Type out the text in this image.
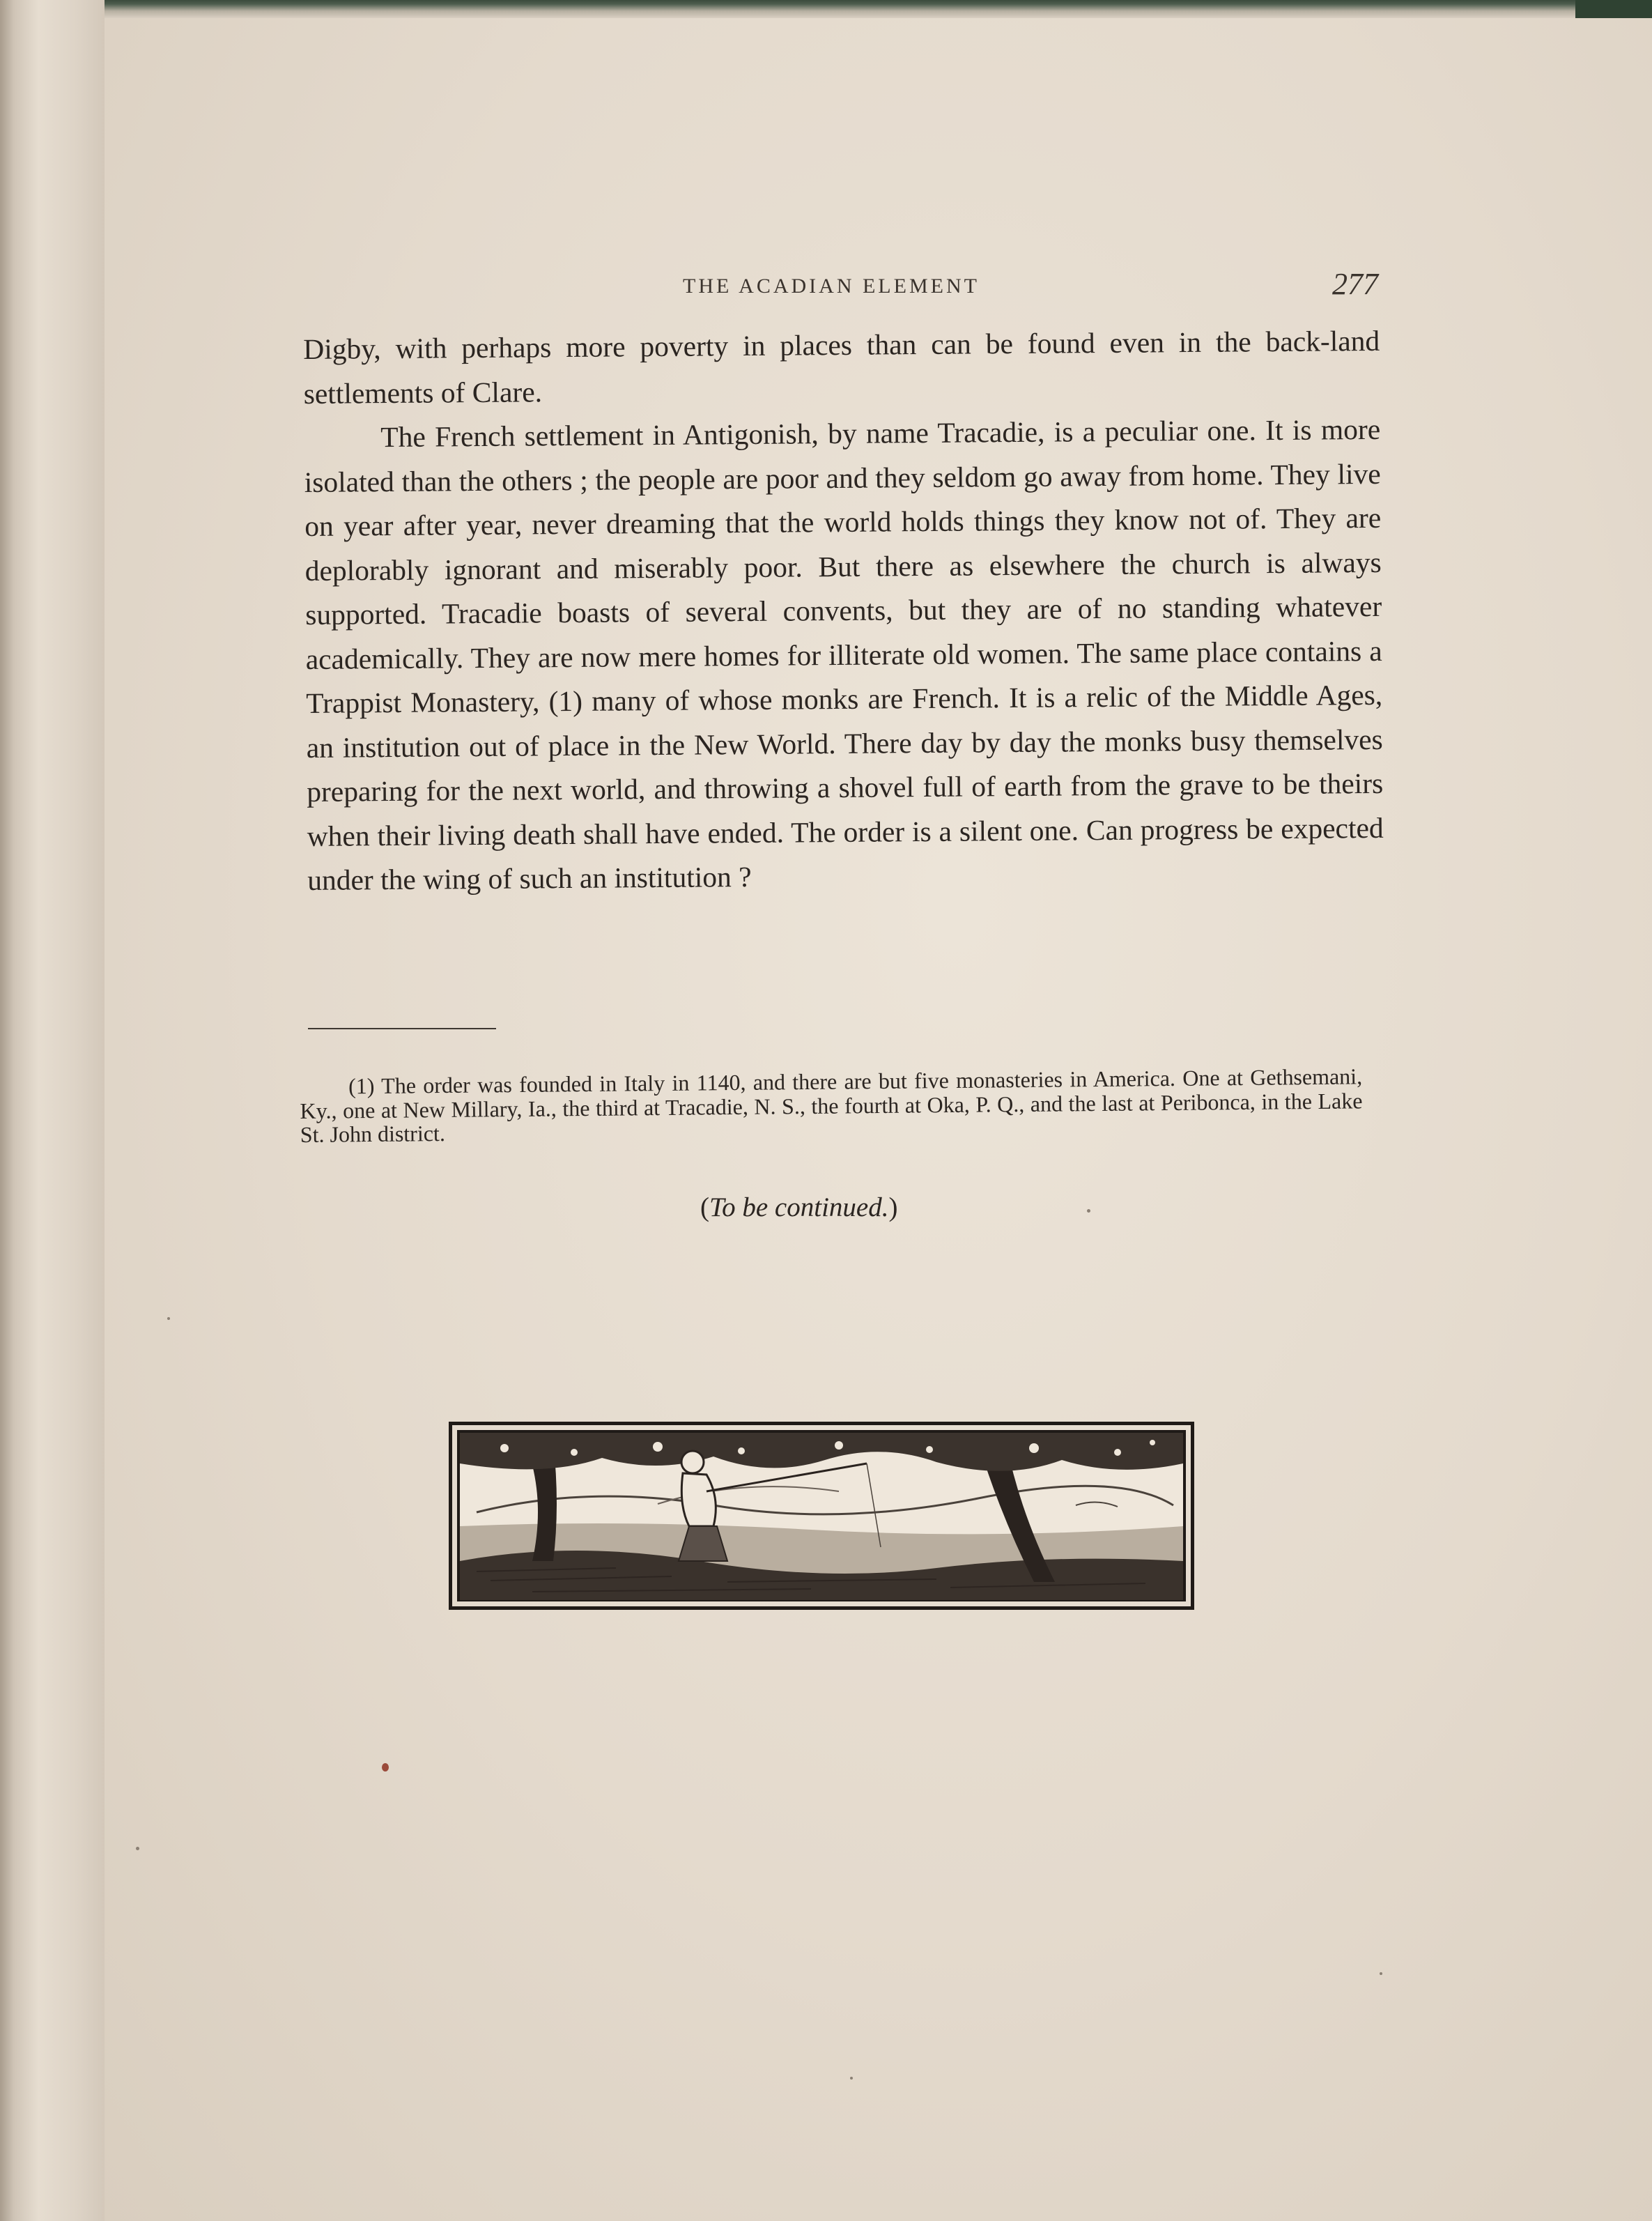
THE ACADIAN ELEMENT	277

Digby, with perhaps more poverty in places than can be found even in the back-land settlements of Clare.

The French settlement in Antigonish, by name Tracadie, is a peculiar one. It is more isolated than the others ; the people are poor and they seldom go away from home. They live on year after year, never dreaming that the world holds things they know not of. They are deplorably ignorant and miserably poor. But there as elsewhere the church is always supported. Tracadie boasts of several convents, but they are of no standing whatever academically. They are now mere homes for illiterate old women. The same place contains a Trappist Monastery, (1) many of whose monks are French. It is a relic of the Middle Ages, an institution out of place in the New World. There day by day the monks busy themselves preparing for the next world, and throwing a shovel full of earth from the grave to be theirs when their living death shall have ended. The order is a silent one. Can progress be expected under the wing of such an institution ?

(1) The order was founded in Italy in 1140, and there are but five monasteries in America. One at Gethsemani, Ky., one at New Millary, Ia., the third at Tracadie, N. S., the fourth at Oka, P. Q., and the last at Peribonca, in the Lake St. John district.
(To be continued.)
